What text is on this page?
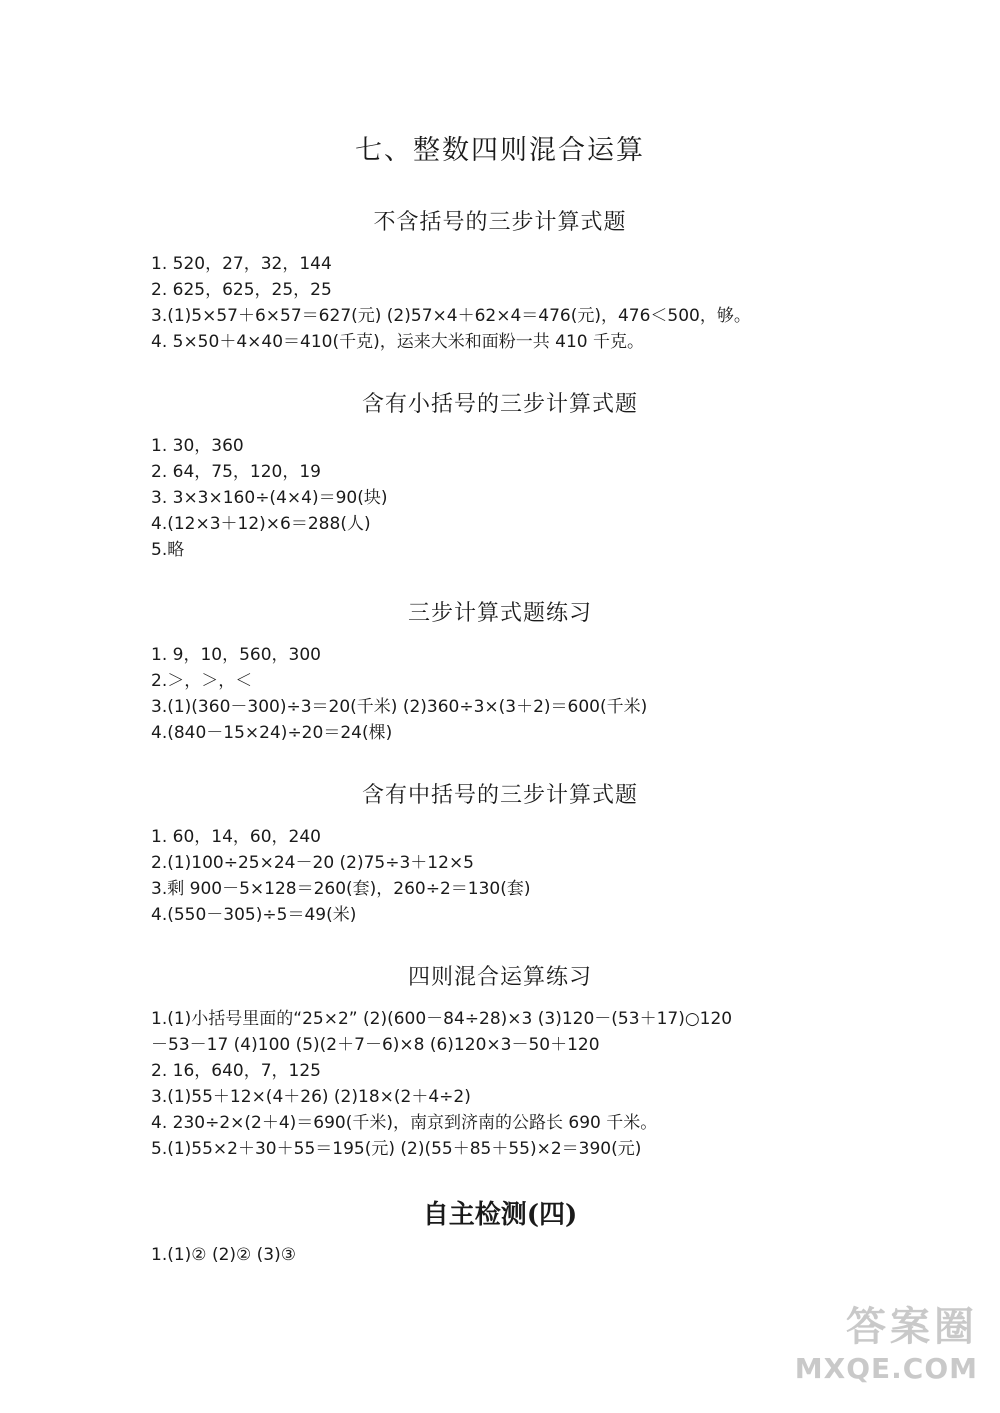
七、整数四则混合运算
不含括号的三步计算式题
1. 520，27，32，144
2. 625，625，25，25
3.(1)5×57＋6×57＝627(元) (2)57×4＋62×4＝476(元)，476＜500，够。
4. 5×50＋4×40＝410(千克)，运来大米和面粉一共 410 千克。
含有小括号的三步计算式题
1. 30，360
2. 64，75，120，19
3. 3×3×160÷(4×4)＝90(块)
4.(12×3＋12)×6＝288(人)
5.略
三步计算式题练习
1. 9，10，560，300
2.＞，＞，＜
3.(1)(360－300)÷3＝20(千米) (2)360÷3×(3＋2)＝600(千米)
4.(840－15×24)÷20＝24(棵)
含有中括号的三步计算式题
1. 60，14，60，240
2.(1)100÷25×24－20 (2)75÷3＋12×5
3.剩 900－5×128＝260(套)，260÷2＝130(套)
4.(550－305)÷5＝49(米)
四则混合运算练习
1.(1)小括号里面的“25×2” (2)(600－84÷28)×3 (3)120－(53＋17)○120
－53－17 (4)100 (5)(2＋7－6)×8 (6)120×3－50＋120
2. 16，640，7，125
3.(1)55＋12×(4＋26) (2)18×(2＋4÷2)
4. 230÷2×(2＋4)＝690(千米)，南京到济南的公路长 690 千米。
5.(1)55×2＋30＋55＝195(元) (2)(55＋85＋55)×2＝390(元)
自主检测(四)
1.(1)② (2)② (3)③
答案圈
MXQE.COM
